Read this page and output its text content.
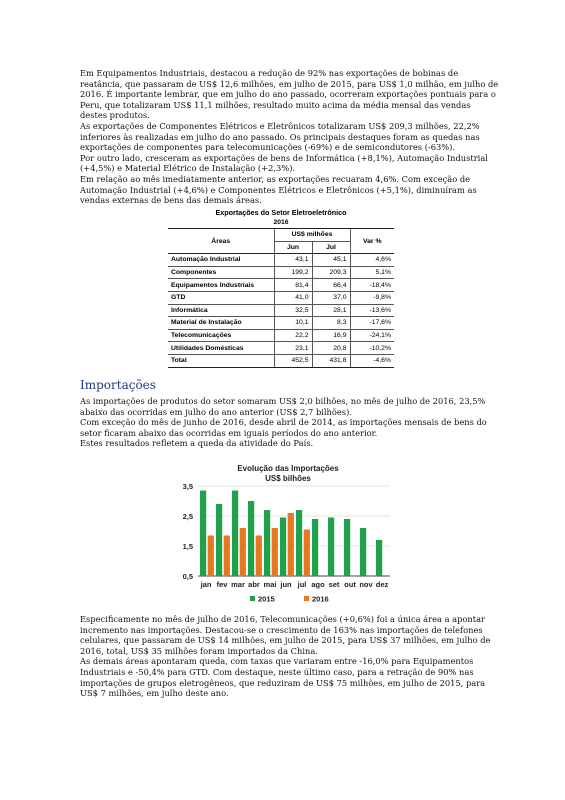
Em Equipamentos Industriais, destacou a redução de 92% nas exportações de bobinas de reatância, que passaram de US$ 12,6 milhões, em julho de 2015, para US$ 1,0 milhão, em julho de 2016. É importante lembrar, que em julho do ano passado, ocorreram exportações pontuais para o Peru, que totalizaram US$ 11,1 milhões, resultado muito acima da média mensal das vendas destes produtos.

As exportações de Componentes Elétricos e Eletrônicos totalizaram US$ 209,3 milhões, 22,2% inferiores às realizadas em julho do ano passado. Os principais destaques foram as quedas nas exportações de componentes para telecomunicações (-69%) e de semicondutores (-63%).

Por outro lado, cresceram as exportações de bens de Informática (+8,1%), Automação Industrial (+4,5%) e Material Elétrico de Instalação (+2,3%).

Em relação ao mês imediatamente anterior, as exportações recuaram 4,6%. Com exceção de Automação Industrial (+4,6%) e Componentes Elétricos e Eletrônicos (+5,1%), diminuíram as vendas externas de bens das demais áreas.

Exportações do Setor Eletroeletrônico
2016
Áreas	US$ milhões		Var %
	Jun	Jul	
Automação Industrial	43,1	45,1	4,6%
Componentes	199,2	209,3	5,1%
Equipamentos Industriais	81,4	66,4	-18,4%
GTD	41,0	37,0	-9,8%
Informática	32,5	28,1	-13,6%
Material de Instalação	10,1	8,3	-17,6%
Telecomunicações	22,2	16,9	-24,1%
Utilidades Domésticas	23,1	20,8	-10,2%
Total	452,5	431,8	-4,6%
Importações

As importações de produtos do setor somaram US$ 2,0 bilhões, no mês de julho de 2016, 23,5% abaixo das ocorridas em julho do ano anterior (US$ 2,7 bilhões).

Com exceção do mês de junho de 2016, desde abril de 2014, as importações mensais de bens do setor ficaram abaixo das ocorridas em iguais períodos do ano anterior.

Estes resultados refletem a queda da atividade do País.

Evolução das Importações
US$ bilhões
0,5
1,5
2,5
3,5
jan fev mar abr mai jun jul ago set out nov dez
2015	2016

Especificamente no mês de julho de 2016, Telecomunicações (+0,6%) foi a única área a apontar incremento nas importações. Destacou-se o crescimento de 163% nas importações de telefones celulares, que passaram de US$ 14 milhões, em julho de 2015, para US$ 37 milhões, em julho de 2016, total, US$ 35 milhões foram importados da China.

As demais áreas apontaram queda, com taxas que variaram entre -16,0% para Equipamentos Industriais e -50,4% para GTD. Com destaque, neste último caso, para a retração de 90% nas importações de grupos eletrogêneos, que reduziram de US$ 75 milhões, em julho de 2015, para US$ 7 milhões, em julho deste ano.
